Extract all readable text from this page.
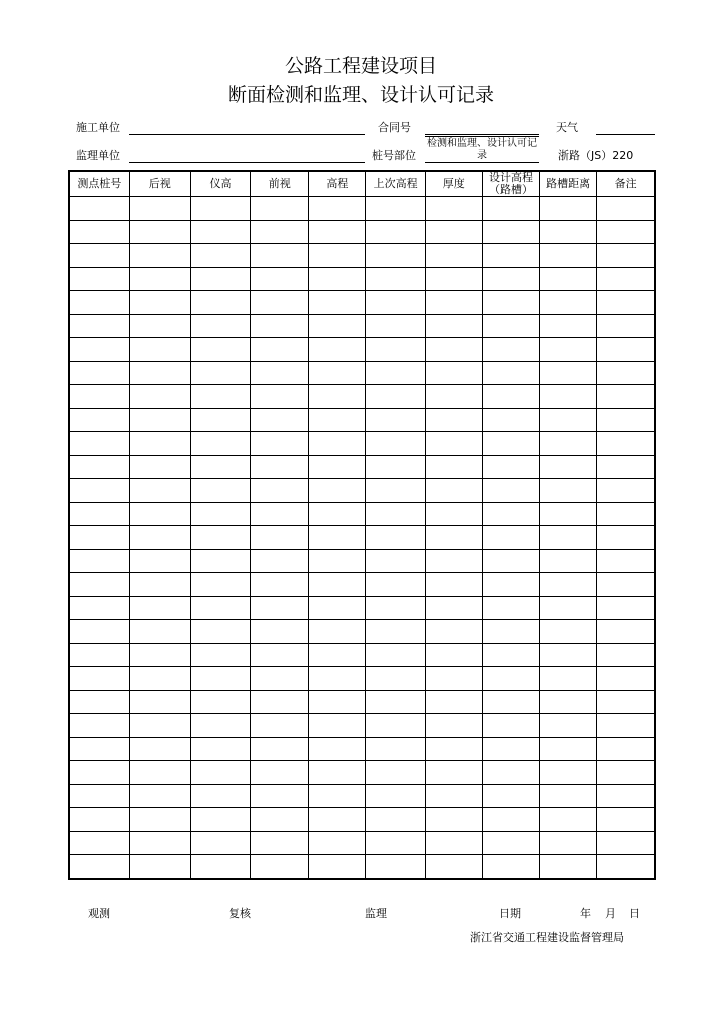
公路工程建设项目
断面检测和监理、设计认可记录
施工单位	合同号	天气
监理单位	桩号部位
检测和监理、设计认可记录	浙路（JS）220
测点桩号	后视	仪高	前视	高程	上次高程	厚度	设计高程（路槽）	路槽距离	备注

观测	复核	监理	日期	年 月 日
浙江省交通工程建设监督管理局
